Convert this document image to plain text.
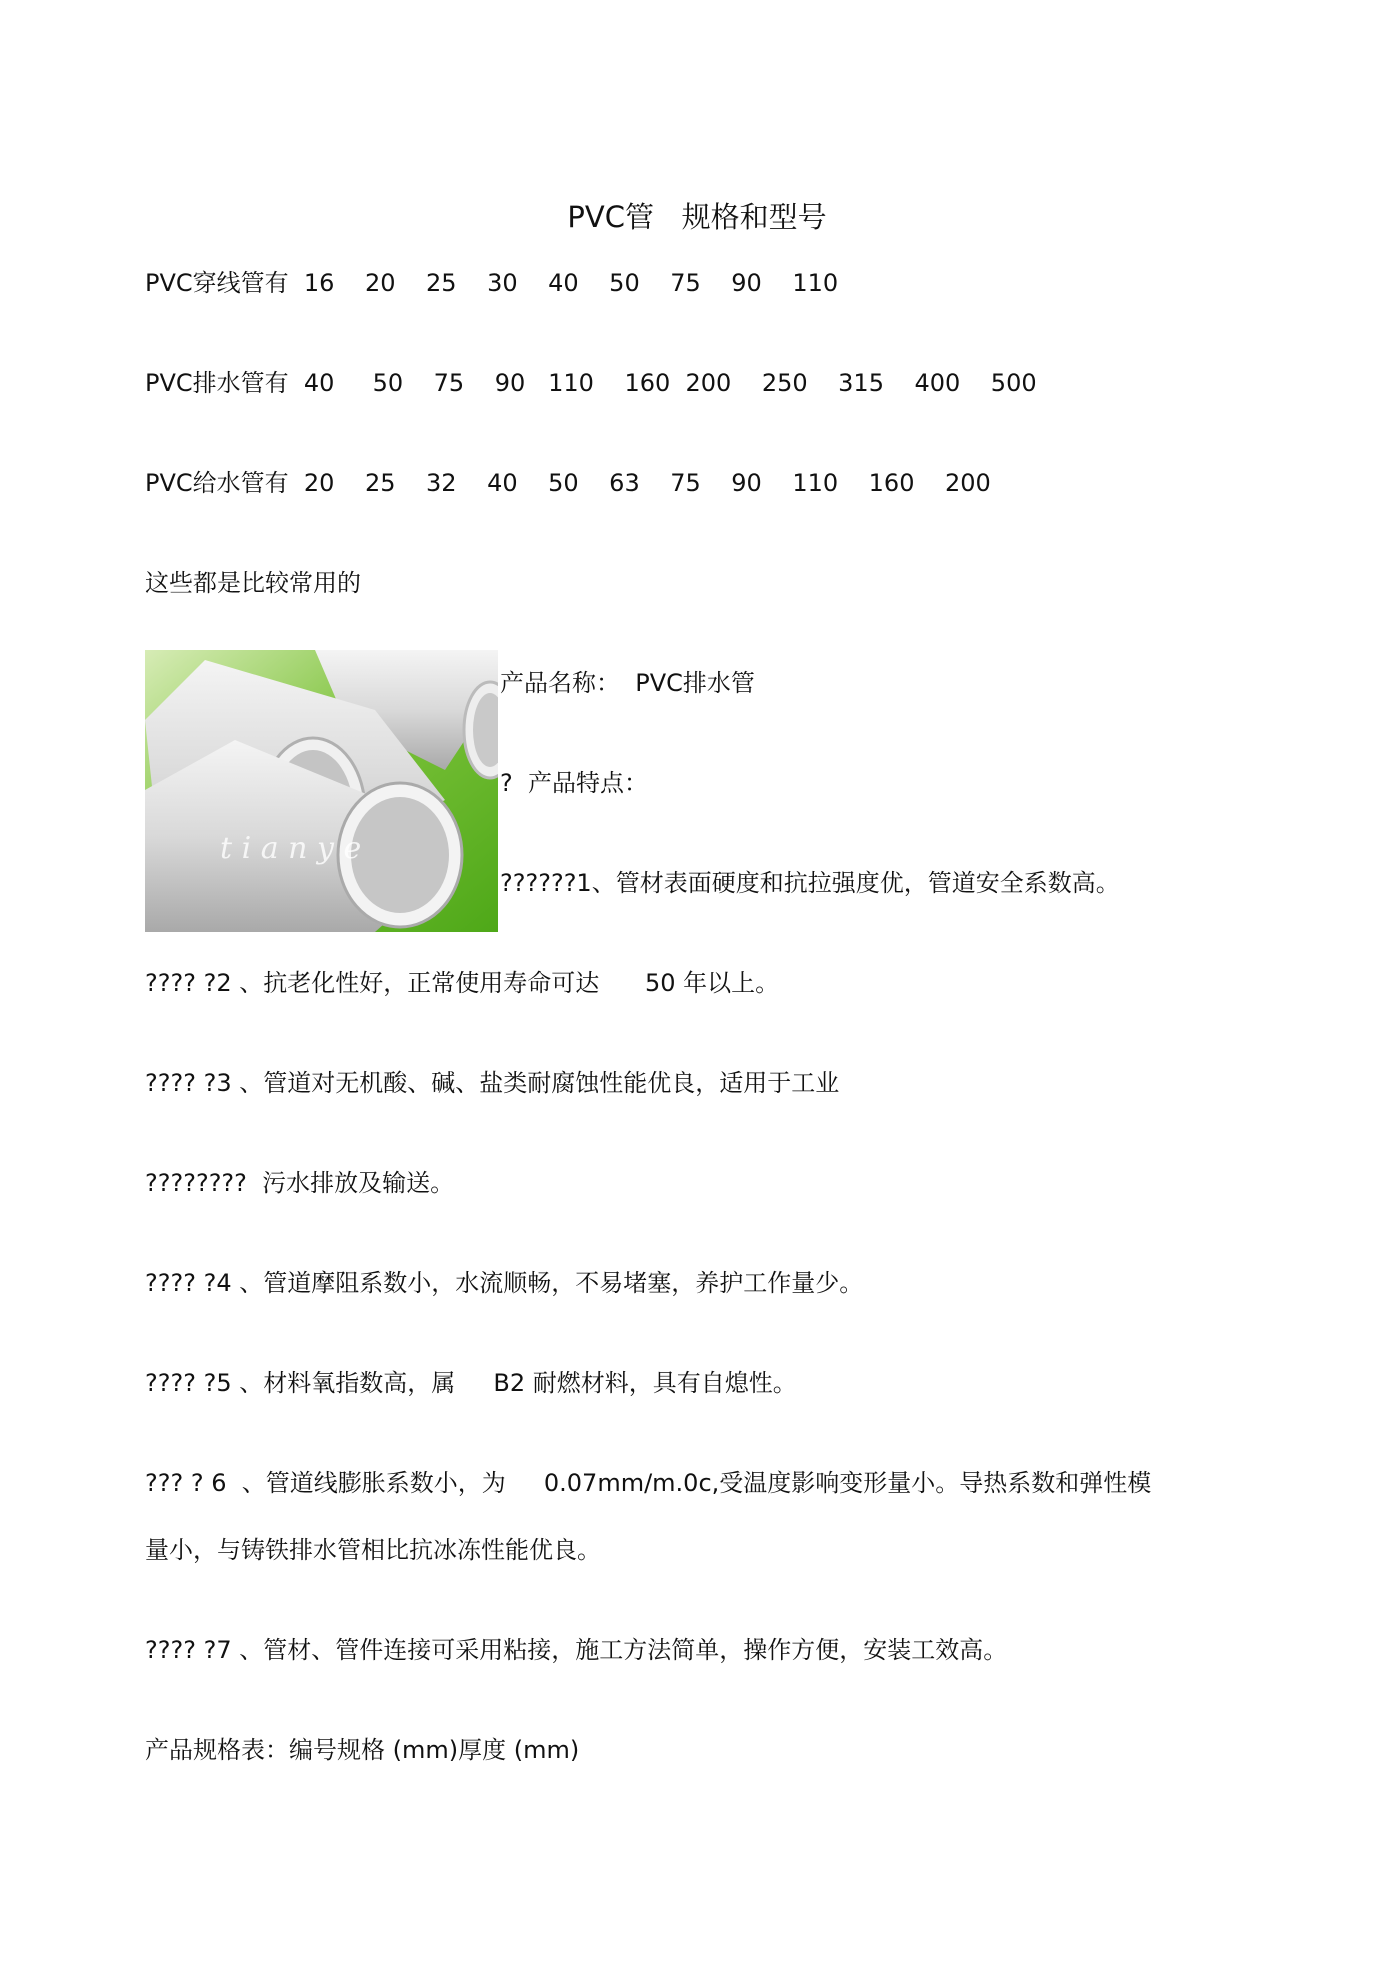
PVC管   规格和型号
PVC穿线管有  16    20    25    30    40    50    75    90    110
PVC排水管有  40     50    75    90   110    160  200    250    315    400    500
PVC给水管有  20    25    32    40    50    63    75    90    110    160    200
这些都是比较常用的
t i a n y e
产品名称：  PVC排水管
?  产品特点：
??????1、管材表面硬度和抗拉强度优，管道安全系数高。
???? ?2 、抗老化性好，正常使用寿命可达      50 年以上。
???? ?3 、管道对无机酸、碱、盐类耐腐蚀性能优良，适用于工业
????????  污水排放及输送。
???? ?4 、管道摩阻系数小，水流顺畅，不易堵塞，养护工作量少。
???? ?5 、材料氧指数高，属     B2 耐燃材料，具有自熄性。
??? ? 6  、管道线膨胀系数小，为     0.07mm/m.0c,受温度影响变形量小。导热系数和弹性模
量小，与铸铁排水管相比抗冰冻性能优良。
???? ?7 、管材、管件连接可采用粘接，施工方法简单，操作方便，安装工效高。
产品规格表：编号规格 (mm)厚度 (mm)
